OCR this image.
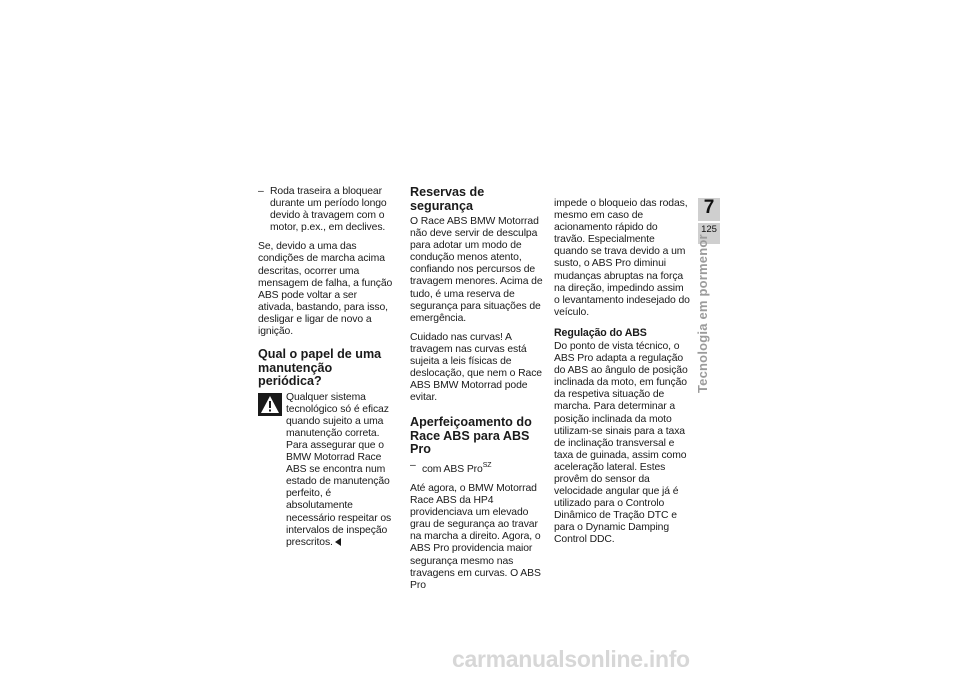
– Roda traseira a bloquear durante um período longo devido à travagem com o motor, p.ex., em declives.

Se, devido a uma das condições de marcha acima descritas, ocorrer uma mensagem de falha, a função ABS pode voltar a ser ativada, bastando, para isso, desligar e ligar de novo a ignição.

Qual o papel de uma manutenção periódica?
Qualquer sistema tecnológico só é eficaz quando sujeito a uma manutenção correta. Para assegurar que o BMW Motorrad Race ABS se encontra num estado de manutenção perfeito, é absolutamente necessário respeitar os intervalos de inspeção prescritos.
Reservas de segurança

O Race ABS BMW Motorrad não deve servir de desculpa para adotar um modo de condução menos atento, confiando nos percursos de travagem menores. Acima de tudo, é uma reserva de segurança para situações de emergência.

Cuidado nas curvas! A travagem nas curvas está sujeita a leis físicas de deslocação, que nem o Race ABS BMW Motorrad pode evitar.

Aperfeiçoamento do Race ABS para ABS Pro
– com ABS Pro$^{SZ}$

Até agora, o BMW Motorrad Race ABS da HP4 providenciava um elevado grau de segurança ao travar na marcha a direito. Agora, o ABS Pro providencia maior segurança mesmo nas travagens em curvas. O ABS Pro

impede o bloqueio das rodas, mesmo em caso de acionamento rápido do travão. Especialmente quando se trava devido a um susto, o ABS Pro diminui mudanças abruptas na força na direção, impedindo assim o levantamento indesejado do veículo.

Regulação do ABS

Do ponto de vista técnico, o ABS Pro adapta a regulação do ABS ao ângulo de posição inclinada da moto, em função da respetiva situação de marcha. Para determinar a posição inclinada da moto utilizam-se sinais para a taxa de inclinação transversal e taxa de guinada, assim como aceleração lateral. Estes provêm do sensor da velocidade angular que já é utilizado para o Controlo Dinâmico de Tração DTC e para o Dynamic Damping Control DDC.

7
125
Tecnologia em pormenor
carmanualsonline.info
